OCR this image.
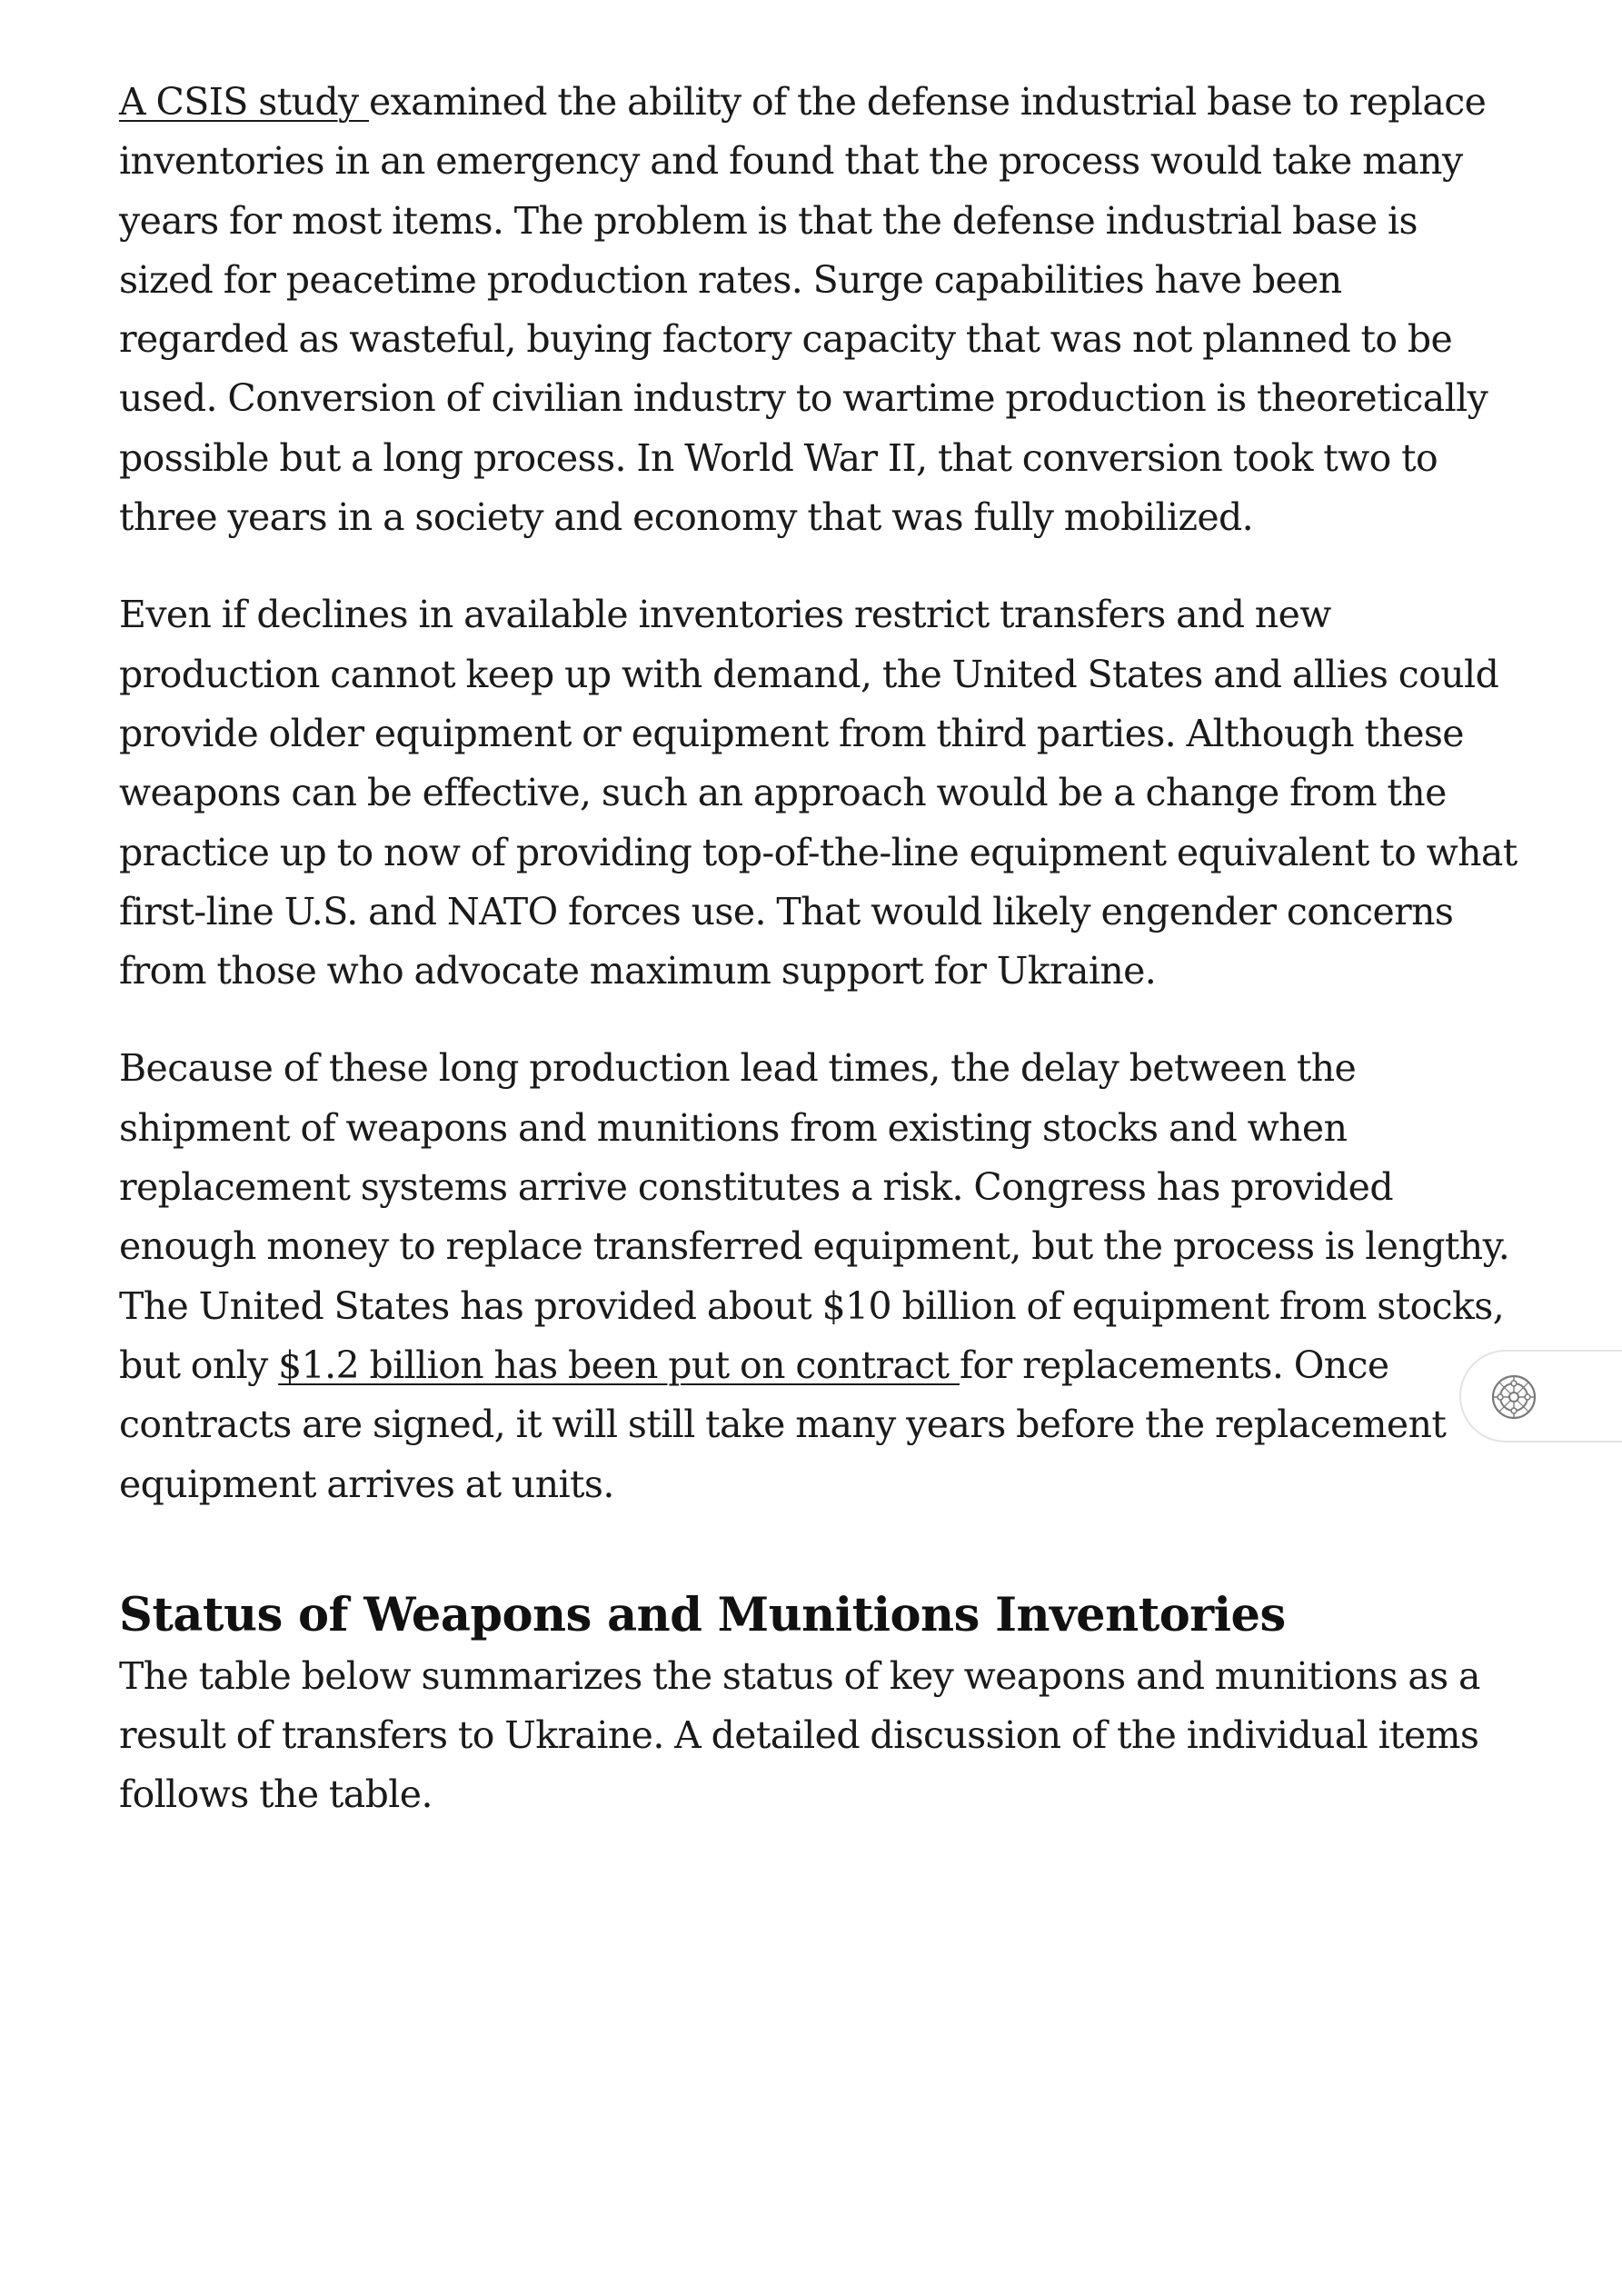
A CSIS study examined the ability of the defense industrial base to replace inventories in an emergency and found that the process would take many years for most items. The problem is that the defense industrial base is sized for peacetime production rates. Surge capabilities have been regarded as wasteful, buying factory capacity that was not planned to be used. Conversion of civilian industry to wartime production is theoretically possible but a long process. In World War II, that conversion took two to three years in a society and economy that was fully mobilized.

Even if declines in available inventories restrict transfers and new production cannot keep up with demand, the United States and allies could provide older equipment or equipment from third parties. Although these weapons can be effective, such an approach would be a change from the practice up to now of providing top-of-the-line equipment equivalent to what first-line U.S. and NATO forces use. That would likely engender concerns from those who advocate maximum support for Ukraine.

Because of these long production lead times, the delay between the shipment of weapons and munitions from existing stocks and when replacement systems arrive constitutes a risk. Congress has provided enough money to replace transferred equipment, but the process is lengthy. The United States has provided about $10 billion of equipment from stocks, but only $1.2 billion has been put on contract for replacements. Once contracts are signed, it will still take many years before the replacement equipment arrives at units.

Status of Weapons and Munitions Inventories

The table below summarizes the status of key weapons and munitions as a result of transfers to Ukraine. A detailed discussion of the individual items follows the table.
